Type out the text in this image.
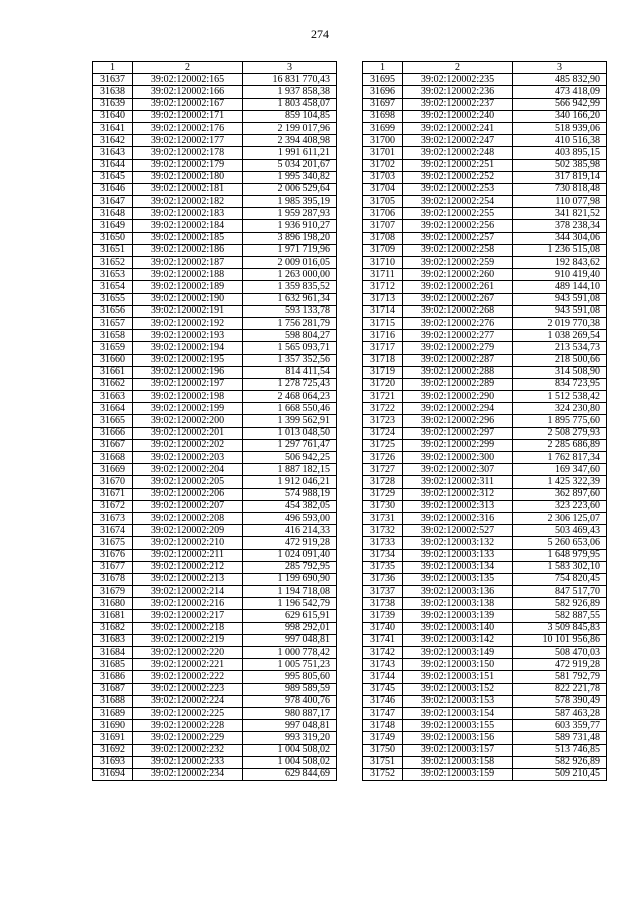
274
1	2	3
31637	39:02:120002:165	16 831 770,43
31638	39:02:120002:166	1 937 858,38
31639	39:02:120002:167	1 803 458,07
31640	39:02:120002:171	859 104,85
31641	39:02:120002:176	2 199 017,96
31642	39:02:120002:177	2 394 408,98
31643	39:02:120002:178	1 991 611,21
31644	39:02:120002:179	5 034 201,67
31645	39:02:120002:180	1 995 340,82
31646	39:02:120002:181	2 006 529,64
31647	39:02:120002:182	1 985 395,19
31648	39:02:120002:183	1 959 287,93
31649	39:02:120002:184	1 936 910,27
31650	39:02:120002:185	3 896 198,20
31651	39:02:120002:186	1 971 719,96
31652	39:02:120002:187	2 009 016,05
31653	39:02:120002:188	1 263 000,00
31654	39:02:120002:189	1 359 835,52
31655	39:02:120002:190	1 632 961,34
31656	39:02:120002:191	593 133,78
31657	39:02:120002:192	1 756 281,79
31658	39:02:120002:193	598 804,27
31659	39:02:120002:194	1 565 093,71
31660	39:02:120002:195	1 357 352,56
31661	39:02:120002:196	814 411,54
31662	39:02:120002:197	1 278 725,43
31663	39:02:120002:198	2 468 064,23
31664	39:02:120002:199	1 668 550,46
31665	39:02:120002:200	1 399 562,91
31666	39:02:120002:201	1 013 048,50
31667	39:02:120002:202	1 297 761,47
31668	39:02:120002:203	506 942,25
31669	39:02:120002:204	1 887 182,15
31670	39:02:120002:205	1 912 046,21
31671	39:02:120002:206	574 988,19
31672	39:02:120002:207	454 382,05
31673	39:02:120002:208	496 593,00
31674	39:02:120002:209	416 214,33
31675	39:02:120002:210	472 919,28
31676	39:02:120002:211	1 024 091,40
31677	39:02:120002:212	285 792,95
31678	39:02:120002:213	1 199 690,90
31679	39:02:120002:214	1 194 718,08
31680	39:02:120002:216	1 196 542,79
31681	39:02:120002:217	629 615,91
31682	39:02:120002:218	998 292,01
31683	39:02:120002:219	997 048,81
31684	39:02:120002:220	1 000 778,42
31685	39:02:120002:221	1 005 751,23
31686	39:02:120002:222	995 805,60
31687	39:02:120002:223	989 589,59
31688	39:02:120002:224	978 400,76
31689	39:02:120002:225	980 887,17
31690	39:02:120002:228	997 048,81
31691	39:02:120002:229	993 319,20
31692	39:02:120002:232	1 004 508,02
31693	39:02:120002:233	1 004 508,02
31694	39:02:120002:234	629 844,69
1	2	3
31695	39:02:120002:235	485 832,90
31696	39:02:120002:236	473 418,09
31697	39:02:120002:237	566 942,99
31698	39:02:120002:240	340 166,20
31699	39:02:120002:241	518 939,06
31700	39:02:120002:247	410 516,38
31701	39:02:120002:248	403 895,15
31702	39:02:120002:251	502 385,98
31703	39:02:120002:252	317 819,14
31704	39:02:120002:253	730 818,48
31705	39:02:120002:254	110 077,98
31706	39:02:120002:255	341 821,52
31707	39:02:120002:256	378 238,34
31708	39:02:120002:257	344 304,06
31709	39:02:120002:258	1 236 515,08
31710	39:02:120002:259	192 843,62
31711	39:02:120002:260	910 419,40
31712	39:02:120002:261	489 144,10
31713	39:02:120002:267	943 591,08
31714	39:02:120002:268	943 591,08
31715	39:02:120002:276	2 019 770,38
31716	39:02:120002:277	1 038 269,54
31717	39:02:120002:279	213 534,73
31718	39:02:120002:287	218 500,66
31719	39:02:120002:288	314 508,90
31720	39:02:120002:289	834 723,95
31721	39:02:120002:290	1 512 538,42
31722	39:02:120002:294	324 230,80
31723	39:02:120002:296	1 895 775,60
31724	39:02:120002:297	2 508 279,93
31725	39:02:120002:299	2 285 686,89
31726	39:02:120002:300	1 762 817,34
31727	39:02:120002:307	169 347,60
31728	39:02:120002:311	1 425 322,39
31729	39:02:120002:312	362 897,60
31730	39:02:120002:313	323 223,60
31731	39:02:120002:316	2 306 125,07
31732	39:02:120002:527	503 469,43
31733	39:02:120003:132	5 260 653,06
31734	39:02:120003:133	1 648 979,95
31735	39:02:120003:134	1 583 302,10
31736	39:02:120003:135	754 820,45
31737	39:02:120003:136	847 517,70
31738	39:02:120003:138	582 926,89
31739	39:02:120003:139	582 887,55
31740	39:02:120003:140	3 509 845,83
31741	39:02:120003:142	10 101 956,86
31742	39:02:120003:149	508 470,03
31743	39:02:120003:150	472 919,28
31744	39:02:120003:151	581 792,79
31745	39:02:120003:152	822 221,78
31746	39:02:120003:153	578 390,49
31747	39:02:120003:154	587 463,28
31748	39:02:120003:155	603 359,77
31749	39:02:120003:156	589 731,48
31750	39:02:120003:157	513 746,85
31751	39:02:120003:158	582 926,89
31752	39:02:120003:159	509 210,45
